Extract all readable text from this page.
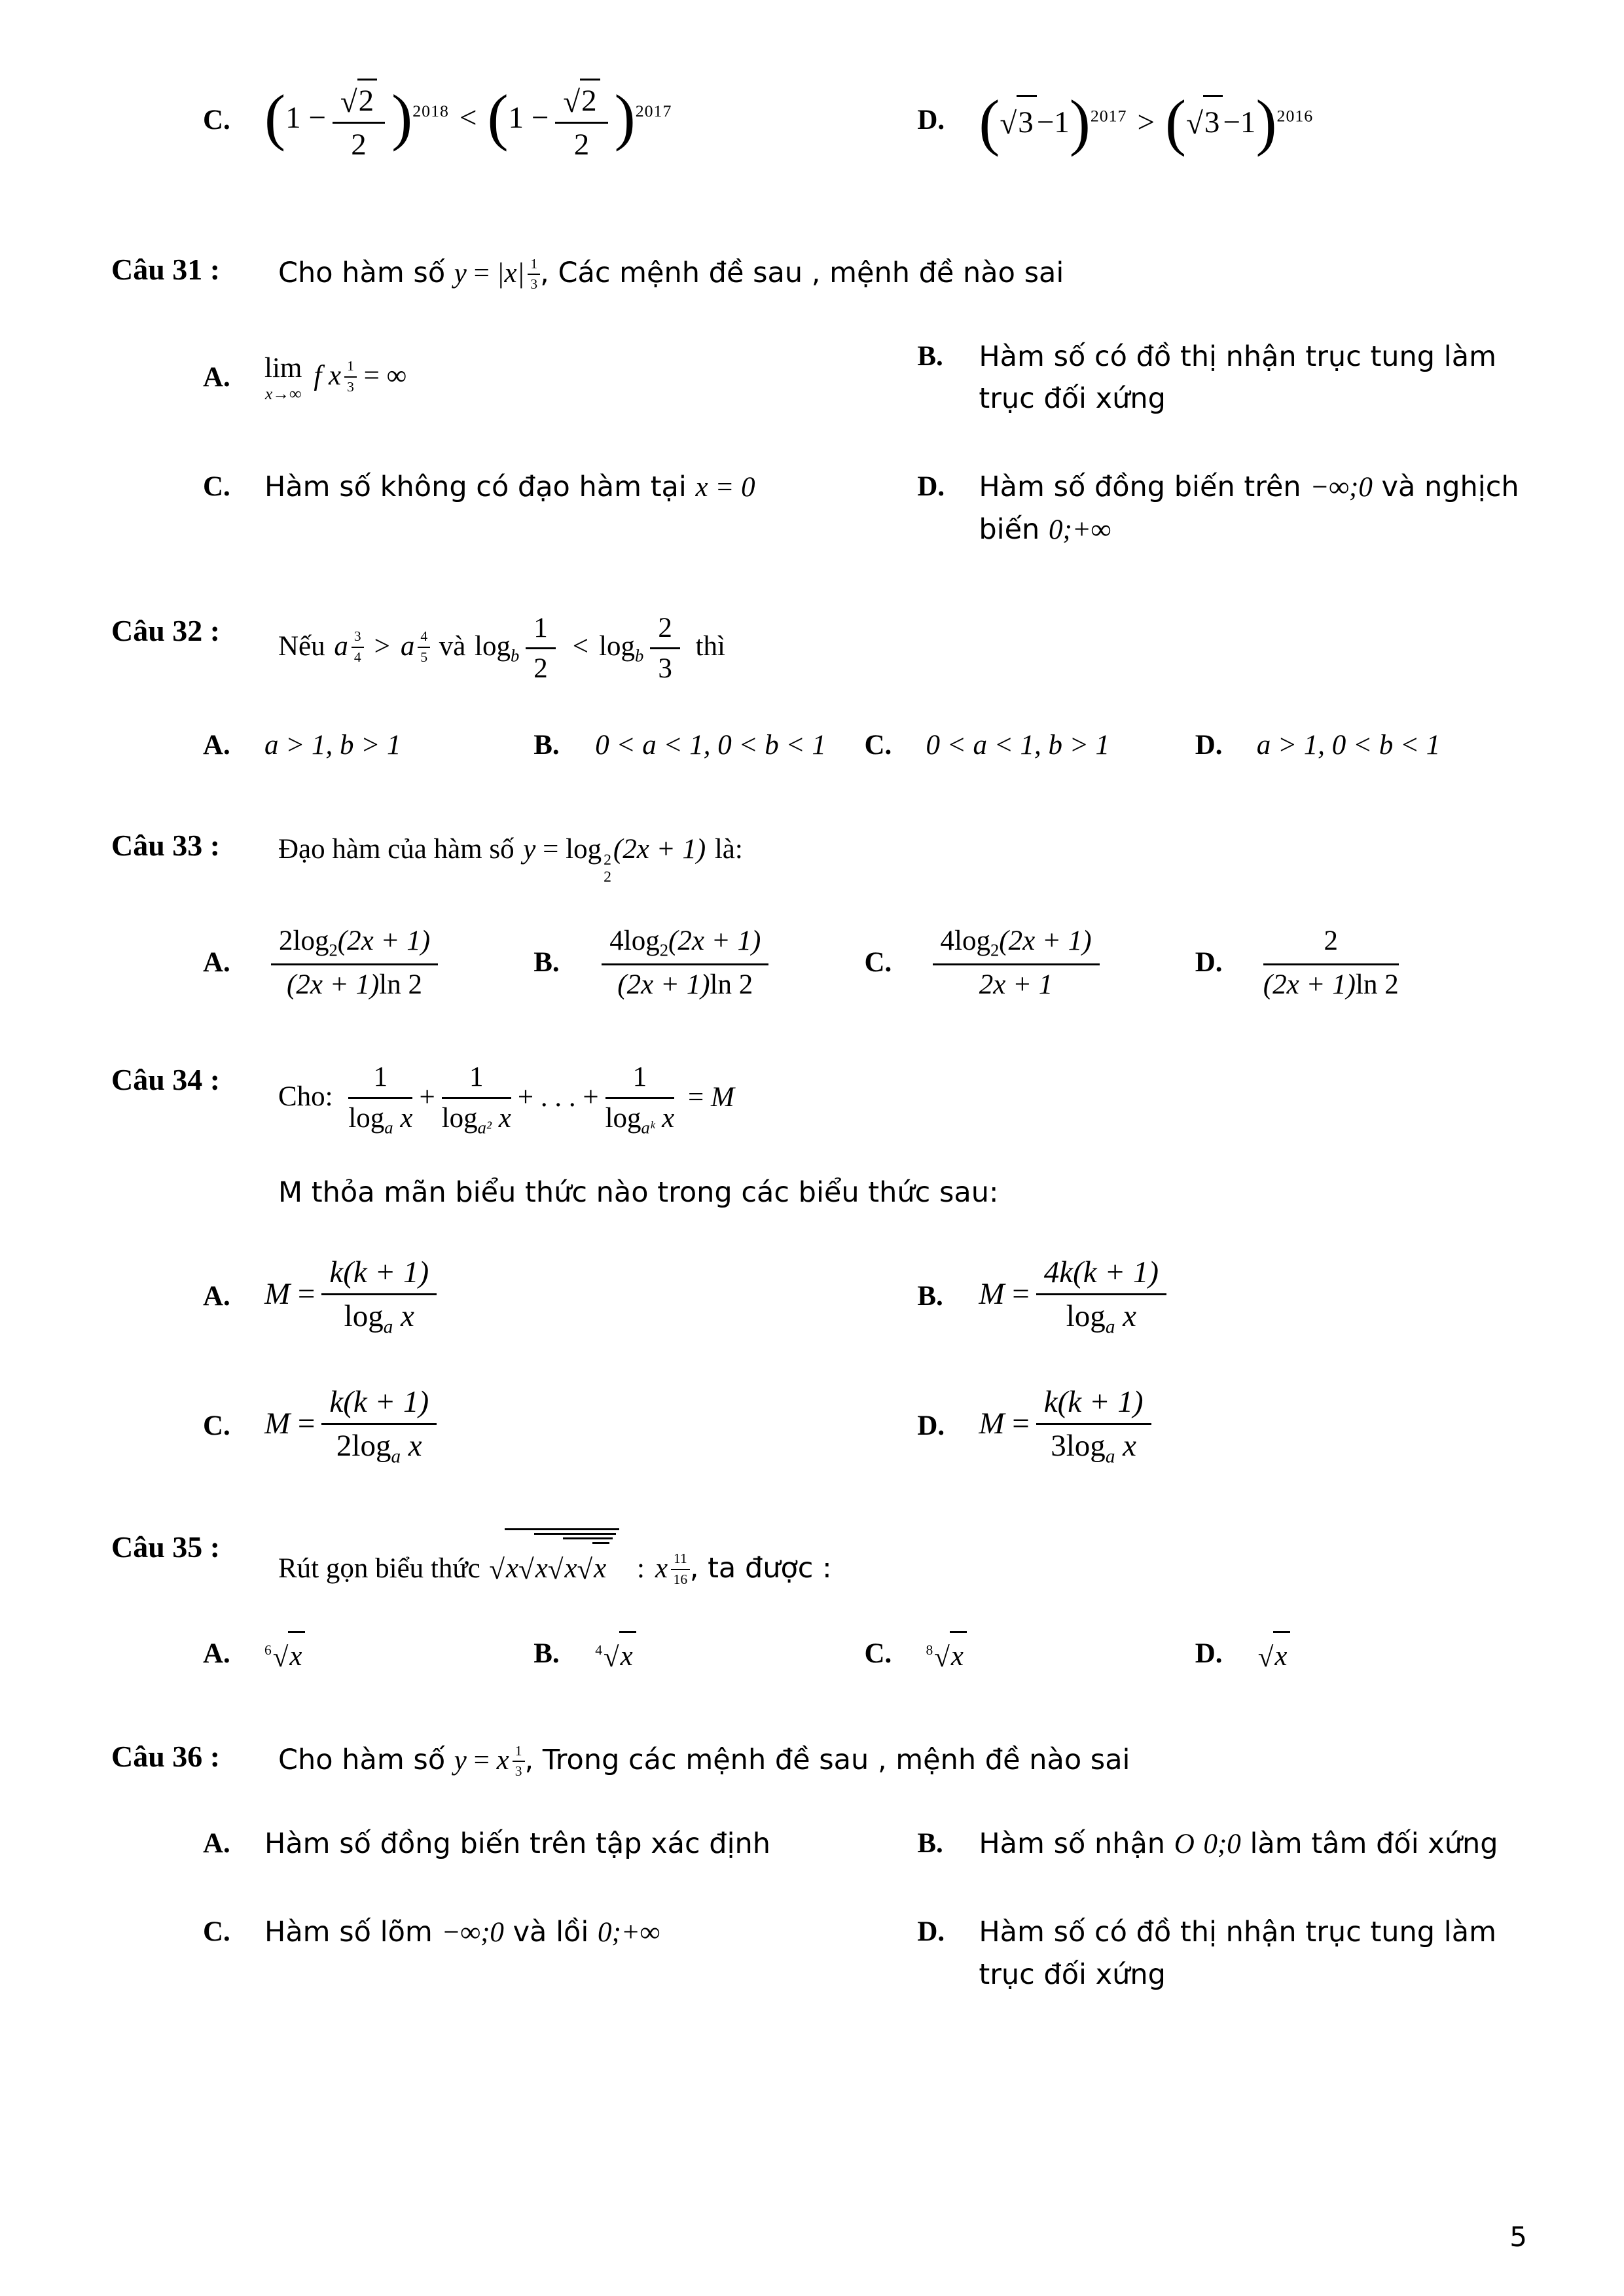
C. $(1 - \frac{√2}{2} )^{2018} < (1 - \frac{√2}{2} )^{2017}$	D. $(√3 -1)^{2017} > (√3 -1)^{2016}$
Câu 31 : Cho hàm số $y = |x| \frac{1}{3}$ , Các mệnh đề sau , mệnh đề nào sai
A.	lim
x→∞
f x $\frac{1}{3}$ = ∞
B.	Hàm số có đồ thị nhận trục tung làm trục đối xứng
C.	Hàm số không có đạo hàm tại x = 0	D.	Hàm số đồng biến trên −∞;0 và nghịch biến 0;+∞
Câu 32 : Nếu a $\frac{3}{4} > a \frac{4}{5}$ và $\log_b \frac{1}{2} < \log_b \frac{2}{3}$ thì
A.	a > 1, b > 1	B.	0 < a < 1, 0 < b < 1 C.	0 < a < 1, b > 1	D.	a > 1, 0 < b < 1
Câu 33 : Đạo hàm của hàm số y = log 2
2
(2x + 1) là:
A.	$\frac{2\log_2(2x + 1)}{(2x + 1)\ln 2}$	B.	$\frac{4\log_2(2x + 1)}{(2x + 1)\ln 2}$	C.	$\frac{4\log_2(2x + 1)}{2x + 1}$	D.	$\frac{2}{(2x + 1)\ln 2}$
Câu 34 :
Cho: $\frac{1}{\log_a x} + \frac{1}{\log_{a^2} x}$ + . . . + $\frac{1}{\log_{aᵏ} x} = M$
M thỏa mãn biểu thức nào trong các biểu thức sau:
A.	$M = \frac{k(k + 1)}{\log_a x}$	B.	$M = \frac{4k(k + 1)}{\log_a x}$
C.	$M = \frac{k(k + 1)}{2\log_a x}$	D.	$M = \frac{k(k + 1)}{3\log_a x}$
Câu 35 :
Rút gọn biểu thức √x√x√x√x : x $\frac{11}{16}$ , ta được :
A.	$^6$√x	B.	$^4$√x	C.	$^8$√x	D.	√x
Câu 36 : Cho hàm số y = x $\frac{1}{3}$ , Trong các mệnh đề sau , mệnh đề nào sai
A.	Hàm số đồng biến trên tập xác định	B.	Hàm số nhận O 0;0 làm tâm đối xứng
C.	Hàm số lõm −∞;0 và lồi 0;+∞	D.	Hàm số có đồ thị nhận trục tung làm trục đối xứng
5
